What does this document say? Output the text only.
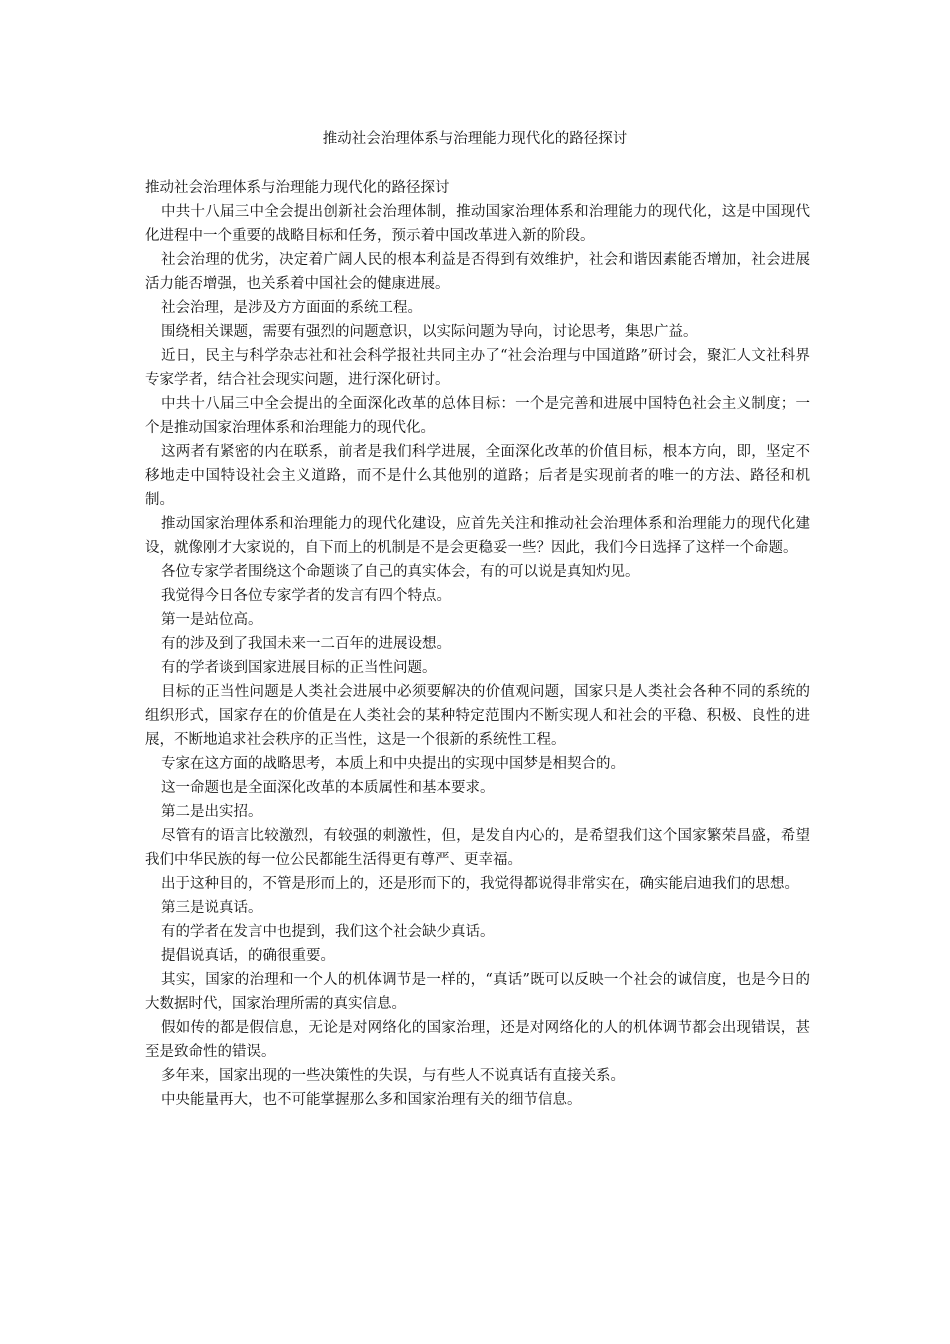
推动社会治理体系与治理能力现代化的路径探讨
推动社会治理体系与治理能力现代化的路径探讨

中共十八届三中全会提出创新社会治理体制，推动国家治理体系和治理能力的现代化，这是中国现代化进程中一个重要的战略目标和任务，预示着中国改革进入新的阶段。

社会治理的优劣，决定着广阔人民的根本利益是否得到有效维护，社会和谐因素能否增加，社会进展活力能否增强，也关系着中国社会的健康进展。

社会治理，是涉及方方面面的系统工程。

围绕相关课题，需要有强烈的问题意识，以实际问题为导向，讨论思考，集思广益。

近日，民主与科学杂志社和社会科学报社共同主办了“社会治理与中国道路”研讨会，聚汇人文社科界专家学者，结合社会现实问题，进行深化研讨。

中共十八届三中全会提出的全面深化改革的总体目标：一个是完善和进展中国特色社会主义制度；一个是推动国家治理体系和治理能力的现代化。

这两者有紧密的内在联系，前者是我们科学进展，全面深化改革的价值目标，根本方向，即，坚定不移地走中国特设社会主义道路，而不是什么其他别的道路；后者是实现前者的唯一的方法、路径和机制。

推动国家治理体系和治理能力的现代化建设，应首先关注和推动社会治理体系和治理能力的现代化建设，就像刚才大家说的，自下而上的机制是不是会更稳妥一些？因此，我们今日选择了这样一个命题。

各位专家学者围绕这个命题谈了自己的真实体会，有的可以说是真知灼见。

我觉得今日各位专家学者的发言有四个特点。

第一是站位高。

有的涉及到了我国未来一二百年的进展设想。

有的学者谈到国家进展目标的正当性问题。

目标的正当性问题是人类社会进展中必须要解决的价值观问题，国家只是人类社会各种不同的系统的组织形式，国家存在的价值是在人类社会的某种特定范围内不断实现人和社会的平稳、积极、良性的进展，不断地追求社会秩序的正当性，这是一个很新的系统性工程。

专家在这方面的战略思考，本质上和中央提出的实现中国梦是相契合的。

这一命题也是全面深化改革的本质属性和基本要求。

第二是出实招。

尽管有的语言比较激烈，有较强的刺激性，但，是发自内心的，是希望我们这个国家繁荣昌盛，希望我们中华民族的每一位公民都能生活得更有尊严、更幸福。

出于这种目的，不管是形而上的，还是形而下的，我觉得都说得非常实在，确实能启迪我们的思想。

第三是说真话。

有的学者在发言中也提到，我们这个社会缺少真话。

提倡说真话，的确很重要。

其实，国家的治理和一个人的机体调节是一样的，“真话”既可以反映一个社会的诚信度，也是今日的大数据时代，国家治理所需的真实信息。

假如传的都是假信息，无论是对网络化的国家治理，还是对网络化的人的机体调节都会出现错误，甚至是致命性的错误。

多年来，国家出现的一些决策性的失误，与有些人不说真话有直接关系。

中央能量再大，也不可能掌握那么多和国家治理有关的细节信息。
